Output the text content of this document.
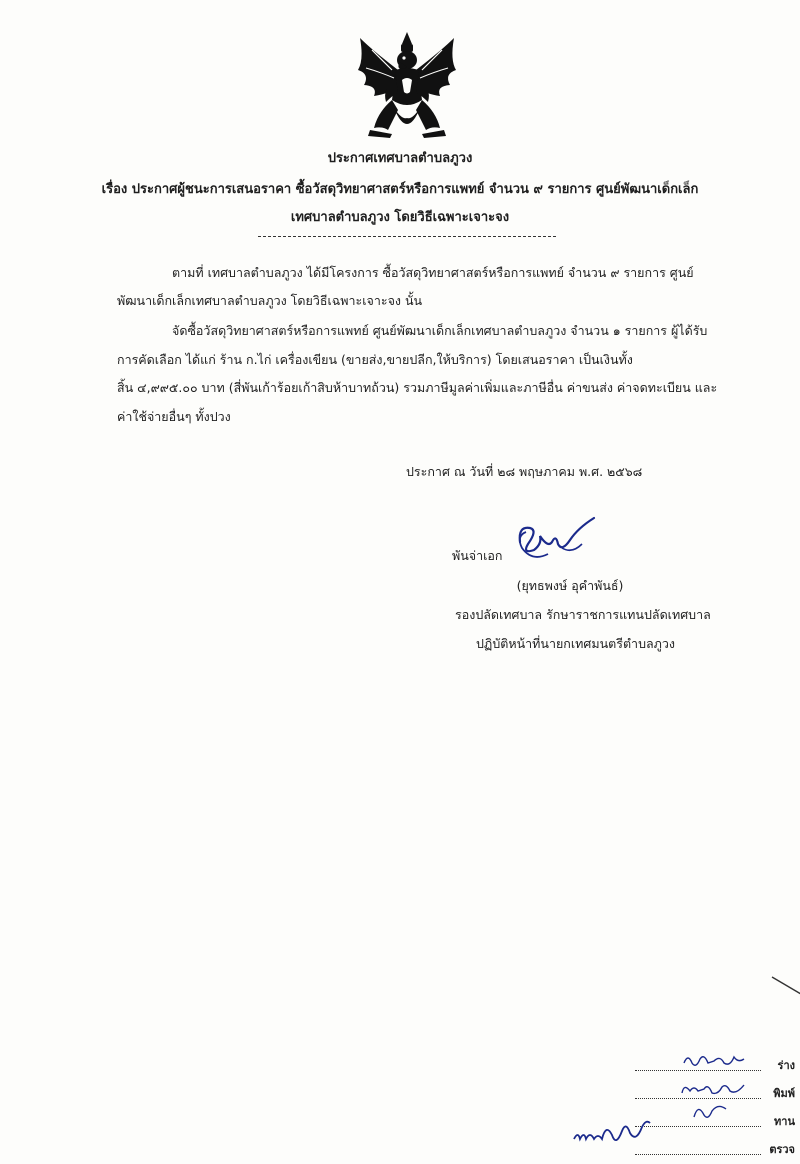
ประกาศเทศบาลตำบลภูวง
เรื่อง ประกาศผู้ชนะการเสนอราคา ซื้อวัสดุวิทยาศาสตร์หรือการแพทย์ จำนวน ๙ รายการ ศูนย์พัฒนาเด็กเล็ก
เทศบาลตำบลภูวง โดยวิธีเฉพาะเจาะจง
ตามที่ เทศบาลตำบลภูวง ได้มีโครงการ ซื้อวัสดุวิทยาศาสตร์หรือการแพทย์ จำนวน ๙ รายการ ศูนย์
พัฒนาเด็กเล็กเทศบาลตำบลภูวง โดยวิธีเฉพาะเจาะจง นั้น
จัดซื้อวัสดุวิทยาศาสตร์หรือการแพทย์ ศูนย์พัฒนาเด็กเล็กเทศบาลตำบลภูวง จำนวน ๑ รายการ ผู้ได้รับ
การคัดเลือก ได้แก่ ร้าน ก.ไก่ เครื่องเขียน (ขายส่ง,ขายปลีก,ให้บริการ) โดยเสนอราคา เป็นเงินทั้ง
สิ้น ๔,๙๙๕.๐๐ บาท (สี่พันเก้าร้อยเก้าสิบห้าบาทถ้วน) รวมภาษีมูลค่าเพิ่มและภาษีอื่น ค่าขนส่ง ค่าจดทะเบียน และ
ค่าใช้จ่ายอื่นๆ ทั้งปวง
ประกาศ ณ วันที่ ๒๘ พฤษภาคม พ.ศ. ๒๕๖๘
พันจ่าเอก
(ยุทธพงษ์ อุคำพันธ์)
รองปลัดเทศบาล รักษาราชการแทนปลัดเทศบาล
ปฏิบัติหน้าที่นายกเทศมนตรีตำบลภูวง
ร่าง
พิมพ์
ทาน
ตรวจ
